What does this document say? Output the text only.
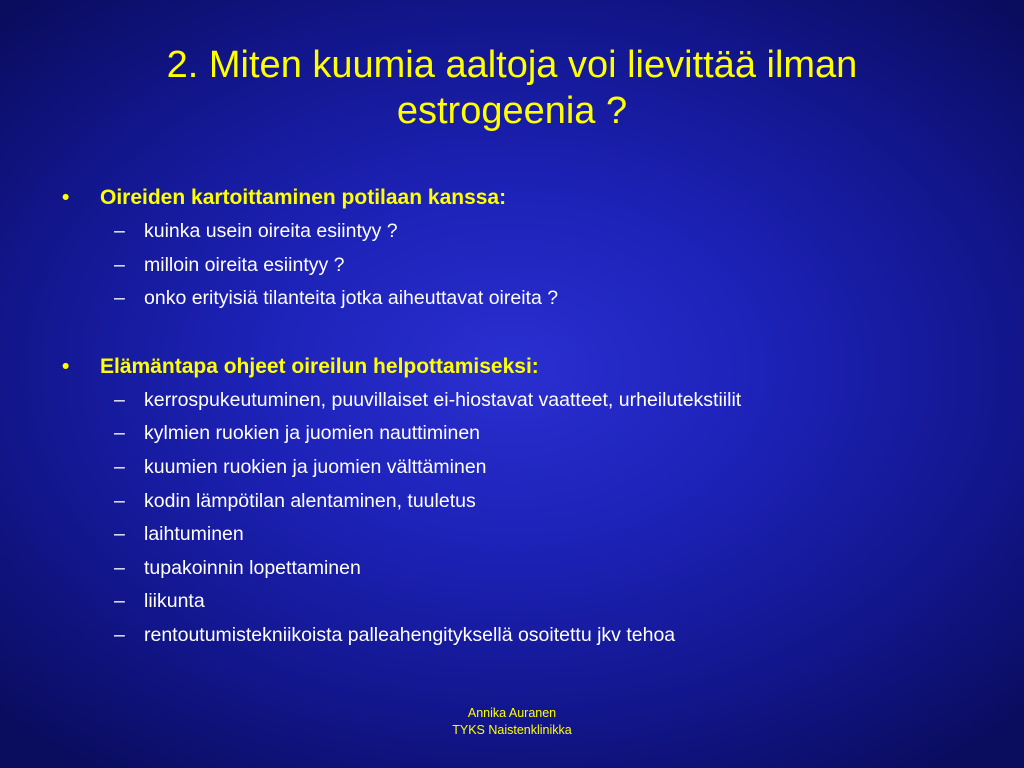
2. Miten kuumia aaltoja voi lievittää ilman
estrogeenia ?
•	Oireiden kartoittaminen potilaan kanssa:
– kuinka usein oireita esiintyy ?
– milloin oireita esiintyy ?
– onko erityisiä tilanteita jotka aiheuttavat oireita ?
•	Elämäntapa ohjeet oireilun helpottamiseksi:
– kerrospukeutuminen, puuvillaiset ei-hiostavat vaatteet, urheilutekstiilit
– kylmien ruokien ja juomien nauttiminen
– kuumien ruokien ja juomien välttäminen
– kodin lämpötilan alentaminen, tuuletus
– laihtuminen
– tupakoinnin lopettaminen
– liikunta
– rentoutumistekniikoista palleahengityksellä osoitettu jkv tehoa
Annika Auranen
TYKS Naistenklinikka
